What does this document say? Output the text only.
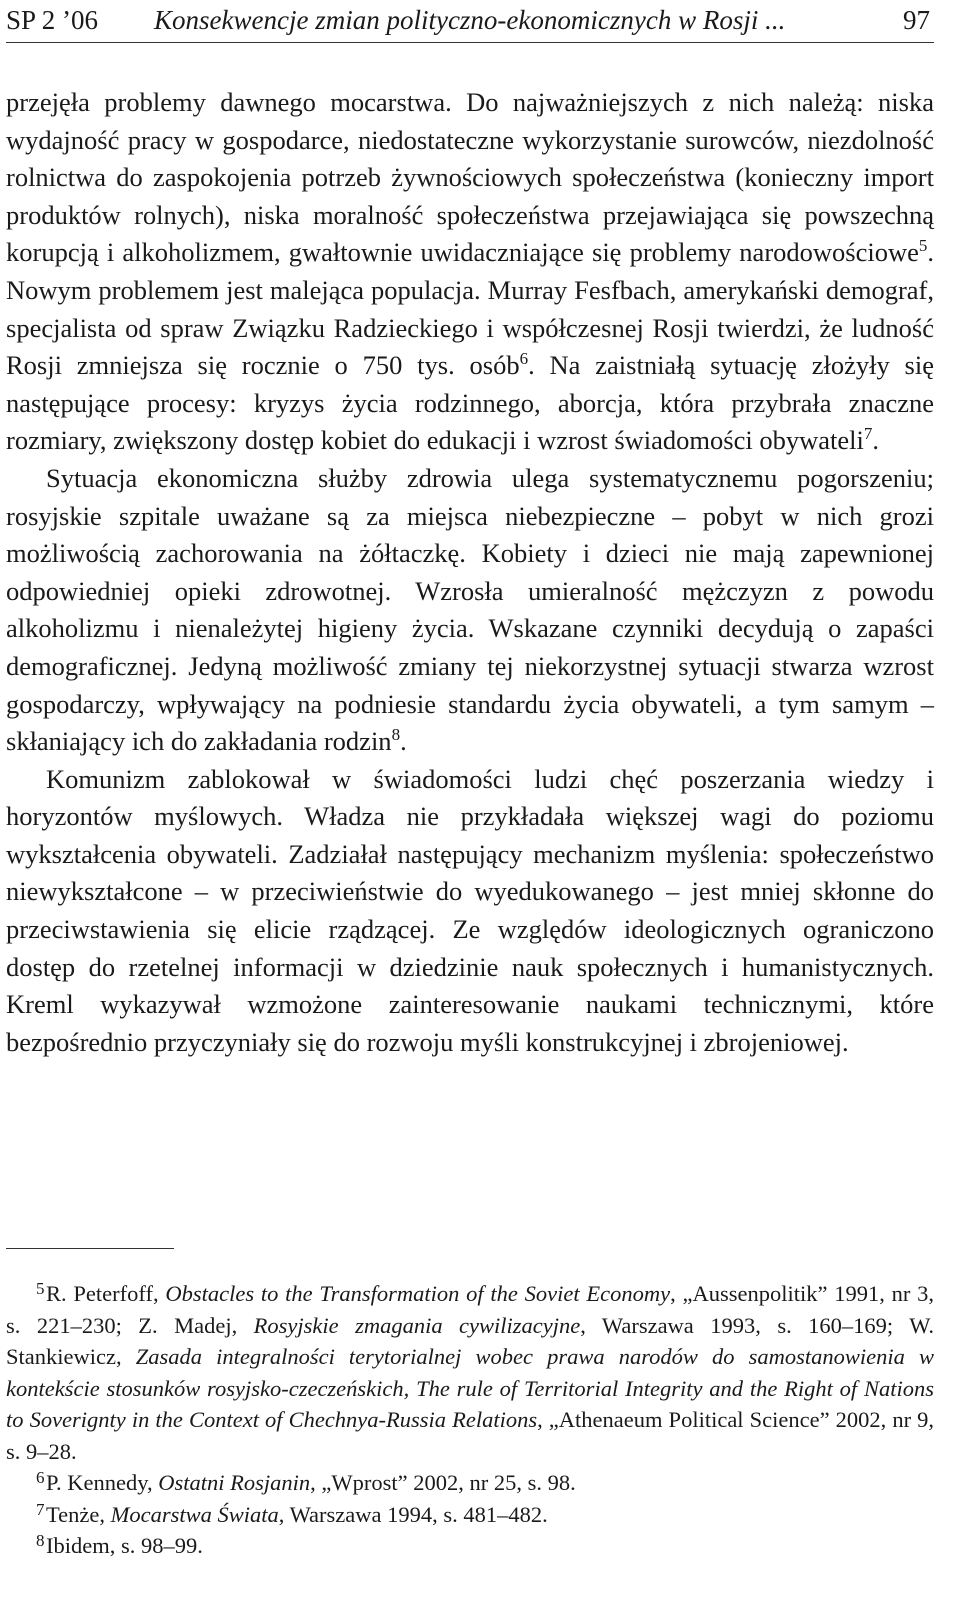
SP 2 ’06 Konsekwencje zmian polityczno-ekonomicznych w Rosji ...	97

przejęła problemy dawnego mocarstwa. Do najważniejszych z nich należą: niska wydajność pracy w gospodarce, niedostateczne wykorzystanie surowców, niezdolność rolnictwa do zaspokojenia potrzeb żywnościowych społeczeństwa (konieczny import produktów rolnych), niska moralność społeczeństwa przejawiająca się powszechną korupcją i alkoholizmem, gwałtownie uwidaczniające się problemy narodowościowe$^5$. Nowym problemem jest malejąca populacja. Murray Fesfbach, amerykański demograf, specjalista od spraw Związku Radzieckiego i współczesnej Rosji twierdzi, że ludność Rosji zmniejsza się rocznie o 750 tys. osób$^6$. Na zaistniałą sytuację złożyły się następujące procesy: kryzys życia rodzinnego, aborcja, która przybrała znaczne rozmiary, zwiększony dostęp kobiet do edukacji i wzrost świadomości obywateli$^7$.

Sytuacja ekonomiczna służby zdrowia ulega systematycznemu pogorszeniu; rosyjskie szpitale uważane są za miejsca niebezpieczne – pobyt w nich grozi możliwością zachorowania na żółtaczkę. Kobiety i dzieci nie mają zapewnionej odpowiedniej opieki zdrowotnej. Wzrosła umieralność mężczyzn z powodu alkoholizmu i nienależytej higieny życia. Wskazane czynniki decydują o zapaści demograficznej. Jedyną możliwość zmiany tej niekorzystnej sytuacji stwarza wzrost gospodarczy, wpływający na podniesie standardu życia obywateli, a tym samym – skłaniający ich do zakładania rodzin$^8$.

Komunizm zablokował w świadomości ludzi chęć poszerzania wiedzy i horyzontów myślowych. Władza nie przykładała większej wagi do poziomu wykształcenia obywateli. Zadziałał następujący mechanizm myślenia: społeczeństwo niewykształcone – w przeciwieństwie do wyedukowanego – jest mniej skłonne do przeciwstawienia się elicie rządzącej. Ze względów ideologicznych ograniczono dostęp do rzetelnej informacji w dziedzinie nauk społecznych i humanistycznych. Kreml wykazywał wzmożone zainteresowanie naukami technicznymi, które bezpośrednio przyczyniały się do rozwoju myśli konstrukcyjnej i zbrojeniowej.

5R. Peterfoff, Obstacles to the Transformation of the Soviet Economy, „Aussenpolitik” 1991, nr 3, s. 221–230; Z. Madej, Rosyjskie zmagania cywilizacyjne, Warszawa 1993, s. 160–169; W. Stankiewicz, Zasada integralności terytorialnej wobec prawa narodów do samostanowienia w kontekście stosunków rosyjsko-czeczeńskich, The rule of Territorial Integrity and the Right of Nations to Soverignty in the Context of Chechnya-Russia Relations, „Athenaeum Political Science” 2002, nr 9, s. 9–28.

6P. Kennedy, Ostatni Rosjanin, „Wprost” 2002, nr 25, s. 98.

7Tenże, Mocarstwa Świata, Warszawa 1994, s. 481–482.

8Ibidem, s. 98–99.
